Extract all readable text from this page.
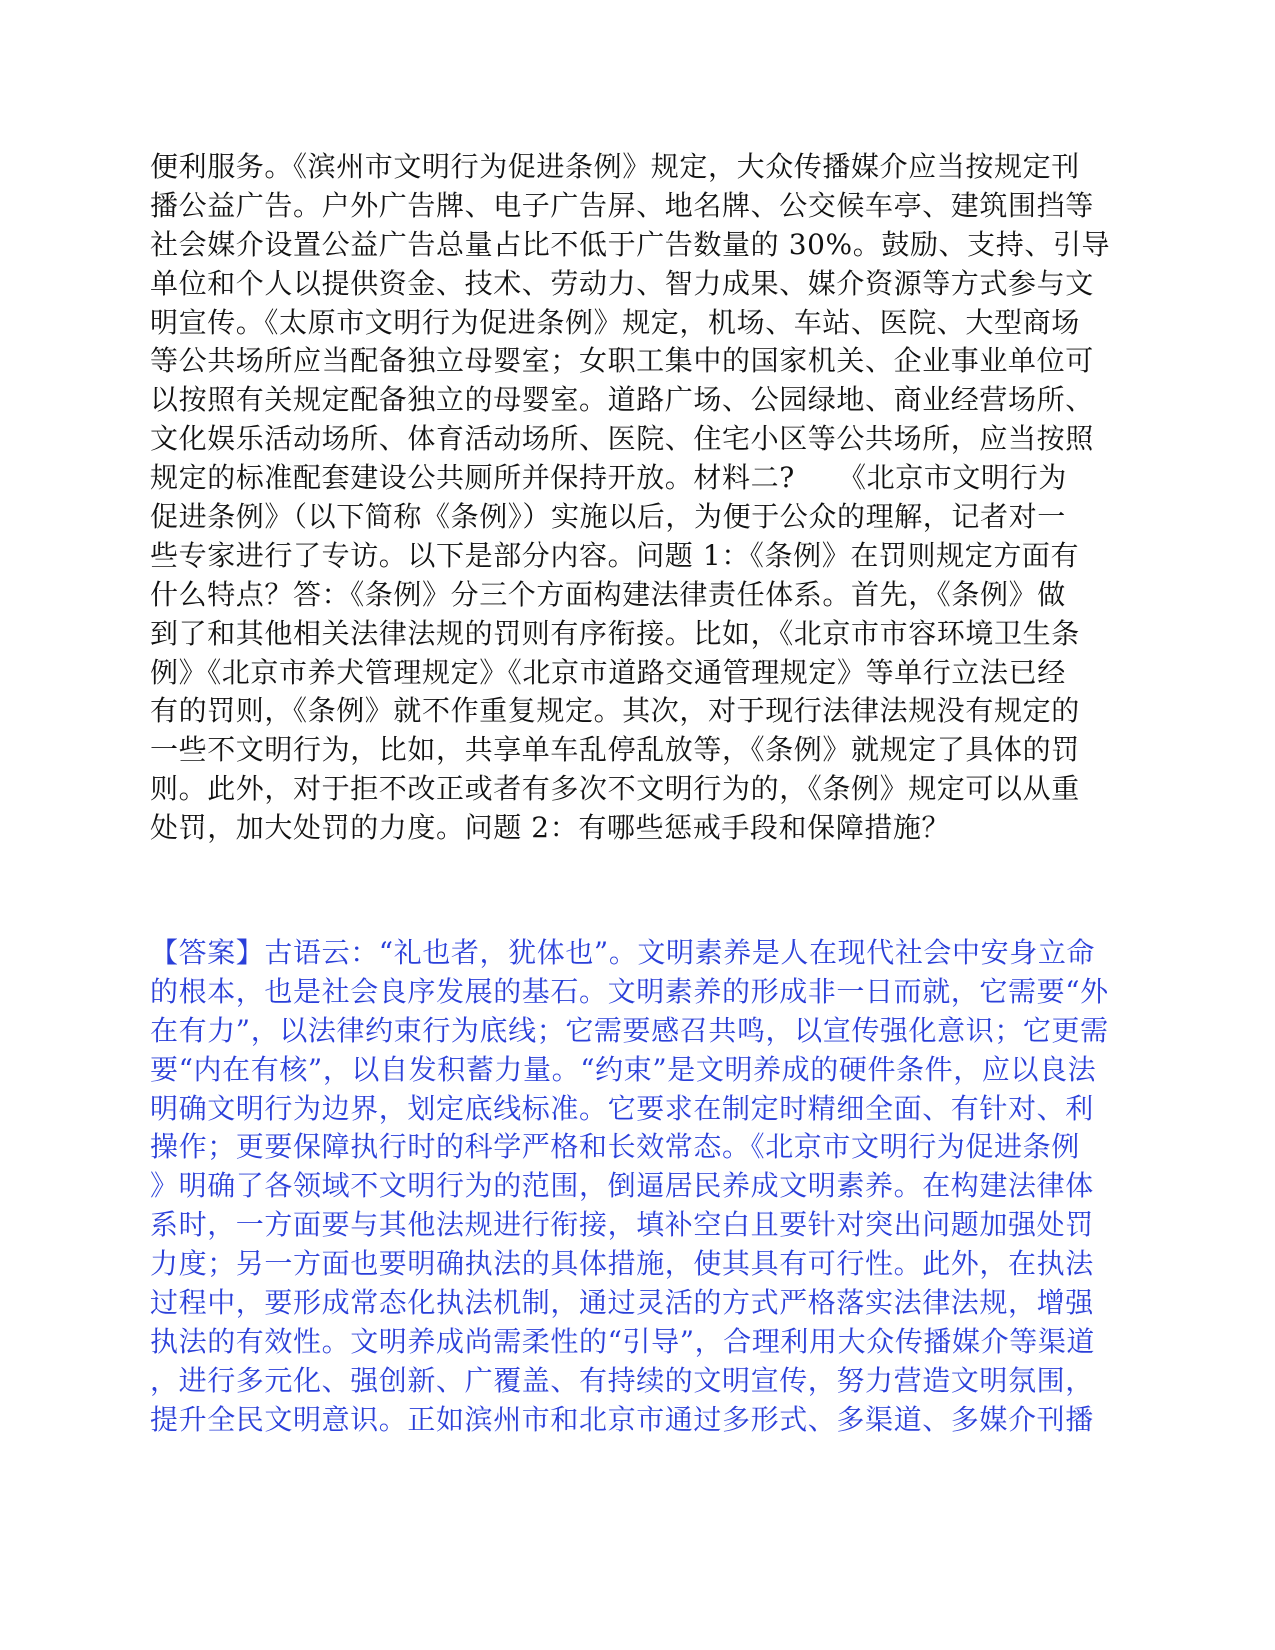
便利服务。《滨州市文明行为促进条例》规定，大众传播媒介应当按规定刊
播公益广告。户外广告牌、电子广告屏、地名牌、公交候车亭、建筑围挡等
社会媒介设置公益广告总量占比不低于广告数量的 30%。鼓励、支持、引导
单位和个人以提供资金、技术、劳动力、智力成果、媒介资源等方式参与文
明宣传。《太原市文明行为促进条例》规定，机场、车站、医院、大型商场
等公共场所应当配备独立母婴室；女职工集中的国家机关、企业事业单位可
以按照有关规定配备独立的母婴室。道路广场、公园绿地、商业经营场所、
文化娱乐活动场所、体育活动场所、医院、住宅小区等公共场所，应当按照
规定的标准配套建设公共厕所并保持开放。材料二?　　《北京市文明行为
促进条例》（以下简称《条例》）实施以后，为便于公众的理解，记者对一
些专家进行了专访。以下是部分内容。问题 1：《条例》在罚则规定方面有
什么特点？答：《条例》分三个方面构建法律责任体系。首先，《条例》做
到了和其他相关法律法规的罚则有序衔接。比如，《北京市市容环境卫生条
例》《北京市养犬管理规定》《北京市道路交通管理规定》等单行立法已经
有的罚则，《条例》就不作重复规定。其次，对于现行法律法规没有规定的
一些不文明行为，比如，共享单车乱停乱放等，《条例》就规定了具体的罚
则。此外，对于拒不改正或者有多次不文明行为的，《条例》规定可以从重
处罚，加大处罚的力度。问题 2：有哪些惩戒手段和保障措施？
【答案】古语云：“礼也者，犹体也”。文明素养是人在现代社会中安身立命
的根本，也是社会良序发展的基石。文明素养的形成非一日而就，它需要“外
在有力”，以法律约束行为底线；它需要感召共鸣，以宣传强化意识；它更需
要“内在有核”，以自发积蓄力量。“约束”是文明养成的硬件条件，应以良法
明确文明行为边界，划定底线标准。它要求在制定时精细全面、有针对、利
操作；更要保障执行时的科学严格和长效常态。《北京市文明行为促进条例
》明确了各领域不文明行为的范围，倒逼居民养成文明素养。在构建法律体
系时，一方面要与其他法规进行衔接，填补空白且要针对突出问题加强处罚
力度；另一方面也要明确执法的具体措施，使其具有可行性。此外，在执法
过程中，要形成常态化执法机制，通过灵活的方式严格落实法律法规，增强
执法的有效性。文明养成尚需柔性的“引导”，合理利用大众传播媒介等渠道
，进行多元化、强创新、广覆盖、有持续的文明宣传，努力营造文明氛围，
提升全民文明意识。正如滨州市和北京市通过多形式、多渠道、多媒介刊播
